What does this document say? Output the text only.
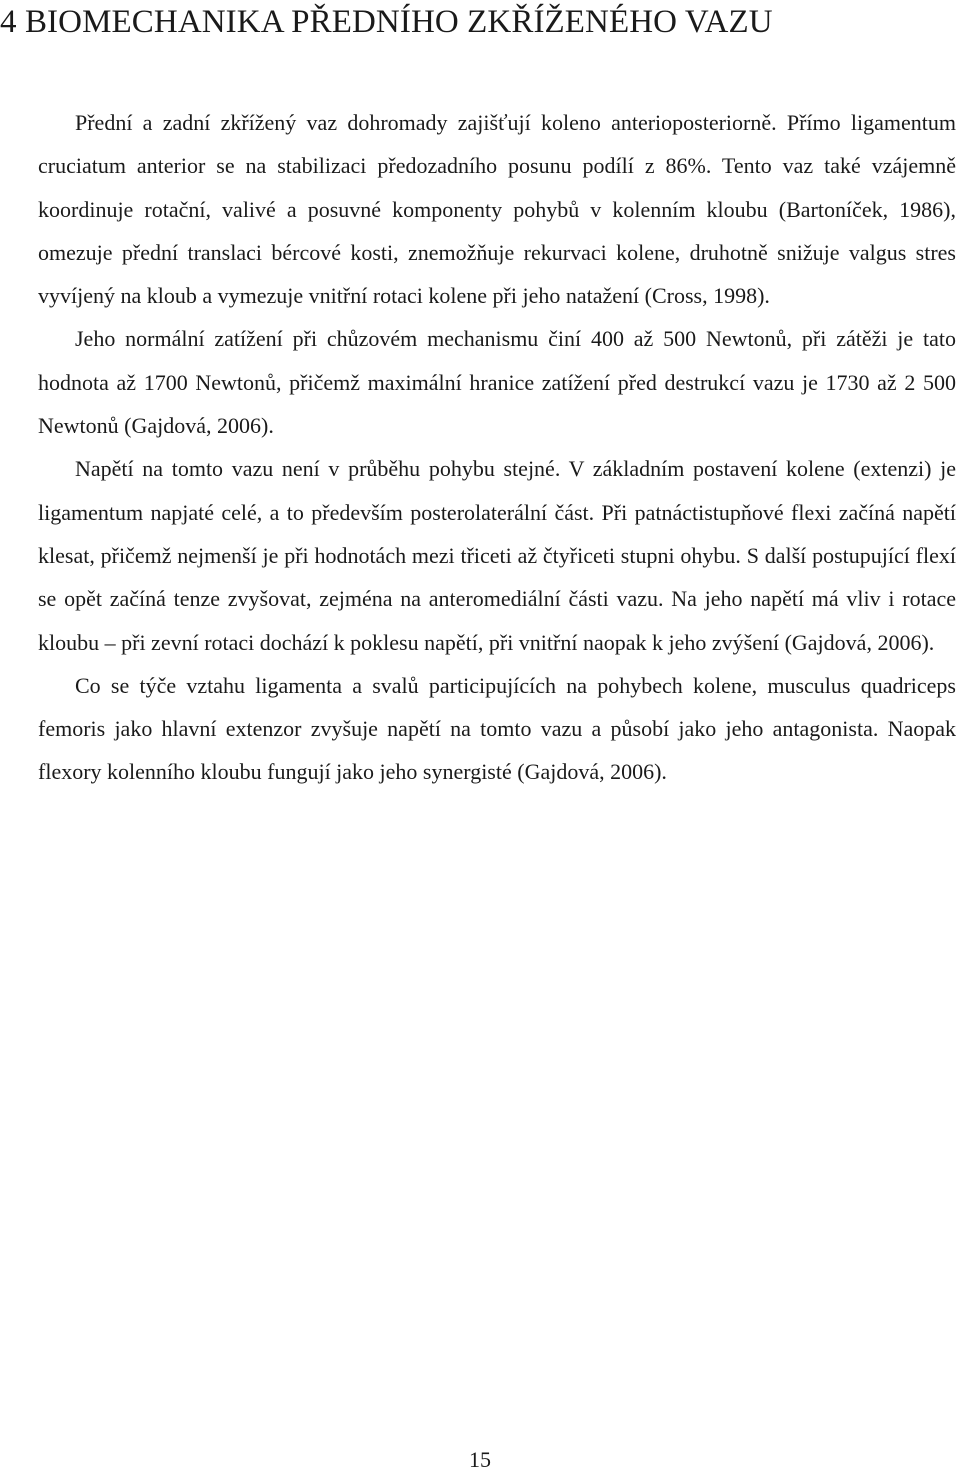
4 BIOMECHANIKA PŘEDNÍHO ZKŘÍŽENÉHO VAZU

Přední a zadní zkřížený vaz dohromady zajišťují koleno anterioposteriorně. Přímo ligamentum cruciatum anterior se na stabilizaci předozadního posunu podílí z 86%. Tento vaz také vzájemně koordinuje rotační, valivé a posuvné komponenty pohybů v kolenním kloubu (Bartoníček, 1986), omezuje přední translaci bércové kosti, znemožňuje rekurvaci kolene, druhotně snižuje valgus stres vyvíjený na kloub a vymezuje vnitřní rotaci kolene při jeho natažení (Cross, 1998).

Jeho normální zatížení při chůzovém mechanismu činí 400 až 500 Newtonů, při zátěži je tato hodnota až 1700 Newtonů, přičemž maximální hranice zatížení před destrukcí vazu je 1730 až 2 500 Newtonů (Gajdová, 2006).

Napětí na tomto vazu není v průběhu pohybu stejné. V základním postavení kolene (extenzi) je ligamentum napjaté celé, a to především posterolaterální část. Při patnáctistupňové flexi začíná napětí klesat, přičemž nejmenší je při hodnotách mezi třiceti až čtyřiceti stupni ohybu. S další postupující flexí se opět začíná tenze zvyšovat, zejména na anteromediální části vazu. Na jeho napětí má vliv i rotace kloubu – při zevní rotaci dochází k poklesu napětí, při vnitřní naopak k jeho zvýšení (Gajdová, 2006).

Co se týče vztahu ligamenta a svalů participujících na pohybech kolene, musculus quadriceps femoris jako hlavní extenzor zvyšuje napětí na tomto vazu a působí jako jeho antagonista. Naopak flexory kolenního kloubu fungují jako jeho synergisté (Gajdová, 2006).

15
